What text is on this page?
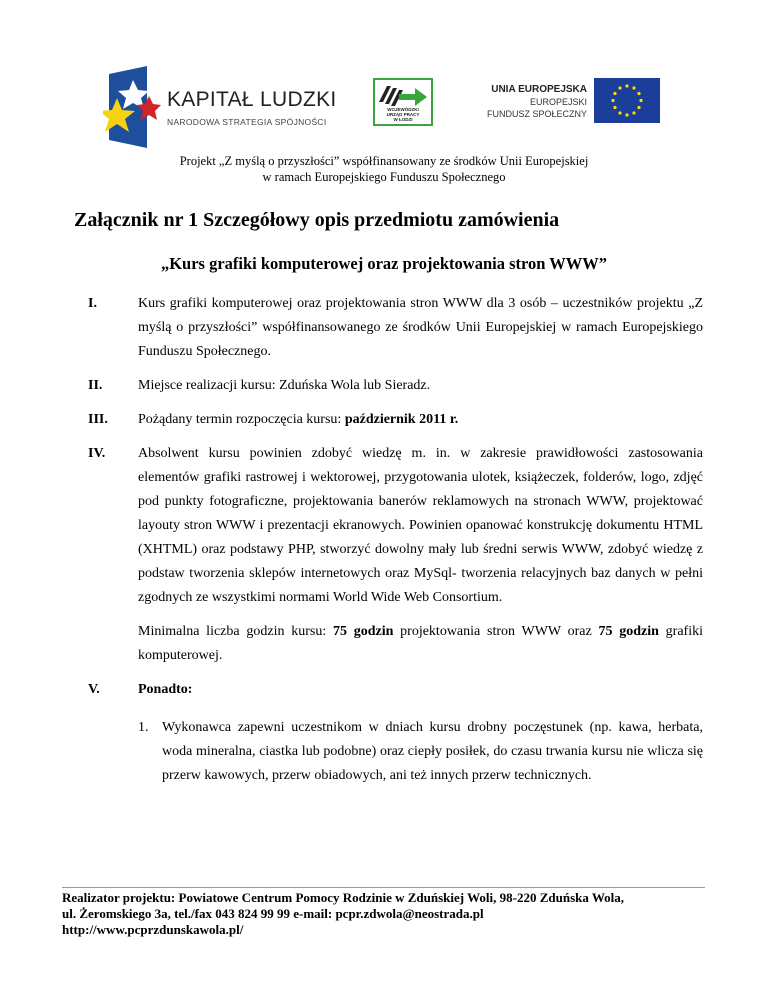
KAPITAŁ LUDZKI
NARODOWA STRATEGIA SPÓJNOŚCI
WOJEWÓDZKI
URZĄD PRACY
W ŁODZI
UNIA EUROPEJSKA
EUROPEJSKI
FUNDUSZ SPOŁECZNY
Projekt „Z myślą o przyszłości” współfinansowany ze środków Unii Europejskiej
w ramach Europejskiego Funduszu Społecznego
Załącznik nr 1 Szczegółowy opis przedmiotu zamówienia
„Kurs grafiki komputerowej oraz projektowania stron WWW”
I.	Kurs grafiki komputerowej oraz projektowania stron WWW dla 3 osób – uczestników projektu „Z myślą o przyszłości” współfinansowanego ze środków Unii Europejskiej w ramach Europejskiego Funduszu Społecznego.
II.	Miejsce realizacji kursu: Zduńska Wola lub Sieradz.
III.	Pożądany termin rozpoczęcia kursu: październik 2011 r.
IV.	Absolwent kursu powinien zdobyć wiedzę m. in. w zakresie prawidłowości zastosowania elementów grafiki rastrowej i wektorowej, przygotowania ulotek, książeczek, folderów, logo, zdjęć pod punkty fotograficzne, projektowania banerów reklamowych na stronach WWW, projektować layouty stron WWW i prezentacji ekranowych. Powinien opanować konstrukcję dokumentu HTML (XHTML) oraz podstawy PHP, stworzyć dowolny mały lub średni serwis WWW, zdobyć wiedzę z podstaw tworzenia sklepów internetowych oraz MySql- tworzenia relacyjnych baz danych w pełni zgodnych ze wszystkimi normami World Wide Web Consortium.
Minimalna liczba godzin kursu: 75 godzin projektowania stron WWW oraz 75 godzin grafiki komputerowej.
V.	Ponadto:
1. Wykonawca zapewni uczestnikom w dniach kursu drobny poczęstunek (np. kawa, herbata, woda mineralna, ciastka lub podobne) oraz ciepły posiłek, do czasu trwania kursu nie wlicza się przerw kawowych, przerw obiadowych, ani też innych przerw technicznych.
Realizator projektu: Powiatowe Centrum Pomocy Rodzinie w Zduńskiej Woli, 98-220 Zduńska Wola,
ul. Żeromskiego 3a, tel./fax 043 824 99 99 e-mail: pcpr.zdwola@neostrada.pl
http://www.pcprzdunskawola.pl/
